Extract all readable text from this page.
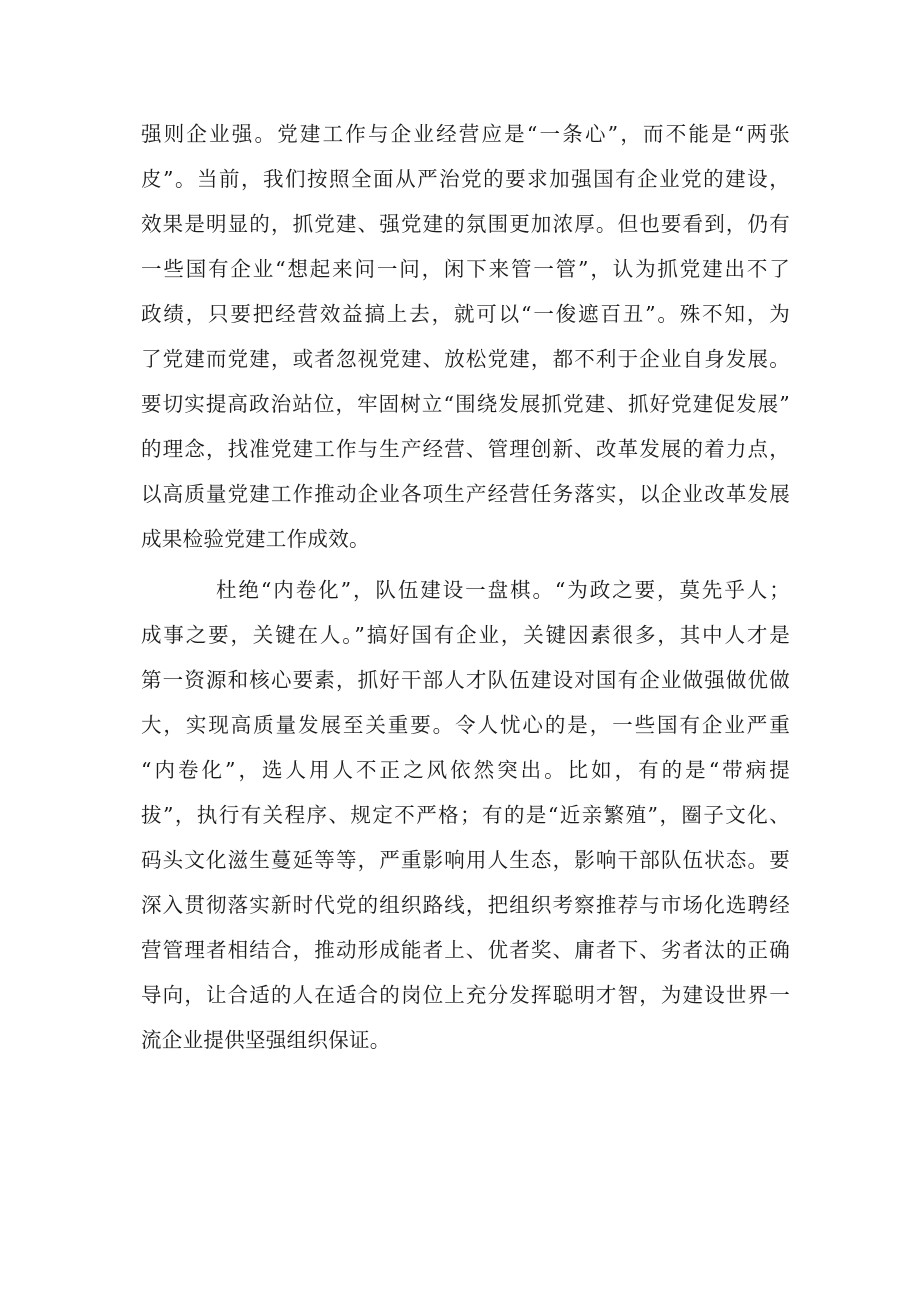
强则企业强。党建工作与企业经营应是“一条心”，而不能是“两张
皮”。当前，我们按照全面从严治党的要求加强国有企业党的建设，
效果是明显的，抓党建、强党建的氛围更加浓厚。但也要看到，仍有
一些国有企业“想起来问一问，闲下来管一管”，认为抓党建出不了
政绩，只要把经营效益搞上去，就可以“一俊遮百丑”。殊不知，为
了党建而党建，或者忽视党建、放松党建，都不利于企业自身发展。
要切实提高政治站位，牢固树立“围绕发展抓党建、抓好党建促发展”
的理念，找准党建工作与生产经营、管理创新、改革发展的着力点，
以高质量党建工作推动企业各项生产经营任务落实，以企业改革发展
成果检验党建工作成效。
杜绝“内卷化”，队伍建设一盘棋。“为政之要，莫先乎人；
成事之要，关键在人。”搞好国有企业，关键因素很多，其中人才是
第一资源和核心要素，抓好干部人才队伍建设对国有企业做强做优做
大，实现高质量发展至关重要。令人忧心的是，一些国有企业严重
“内卷化”，选人用人不正之风依然突出。比如，有的是“带病提
拔”，执行有关程序、规定不严格；有的是“近亲繁殖”，圈子文化、
码头文化滋生蔓延等等，严重影响用人生态，影响干部队伍状态。要
深入贯彻落实新时代党的组织路线，把组织考察推荐与市场化选聘经
营管理者相结合，推动形成能者上、优者奖、庸者下、劣者汰的正确
导向，让合适的人在适合的岗位上充分发挥聪明才智，为建设世界一
流企业提供坚强组织保证。
